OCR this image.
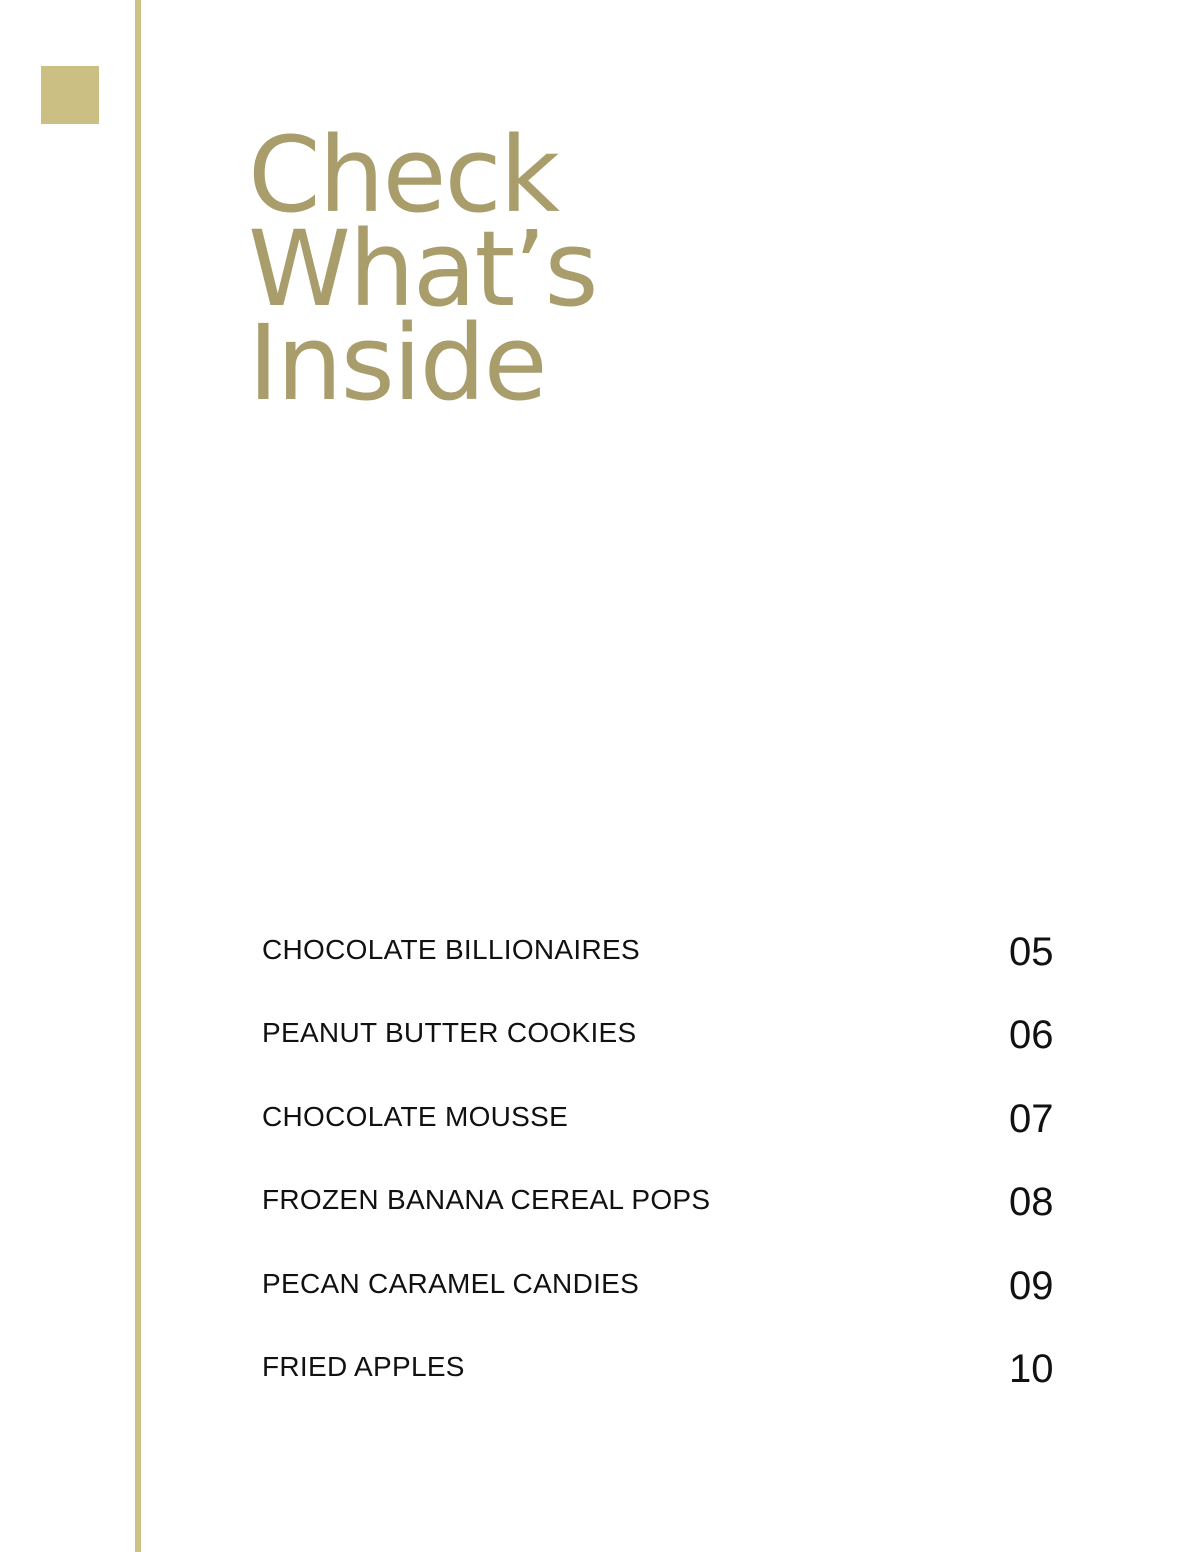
Check
What’s
Inside
CHOCOLATE BILLIONAIRES	05
PEANUT BUTTER COOKIES	06
CHOCOLATE MOUSSE	07
FROZEN BANANA CEREAL POPS	08
PECAN CARAMEL CANDIES	09
FRIED APPLES	10
